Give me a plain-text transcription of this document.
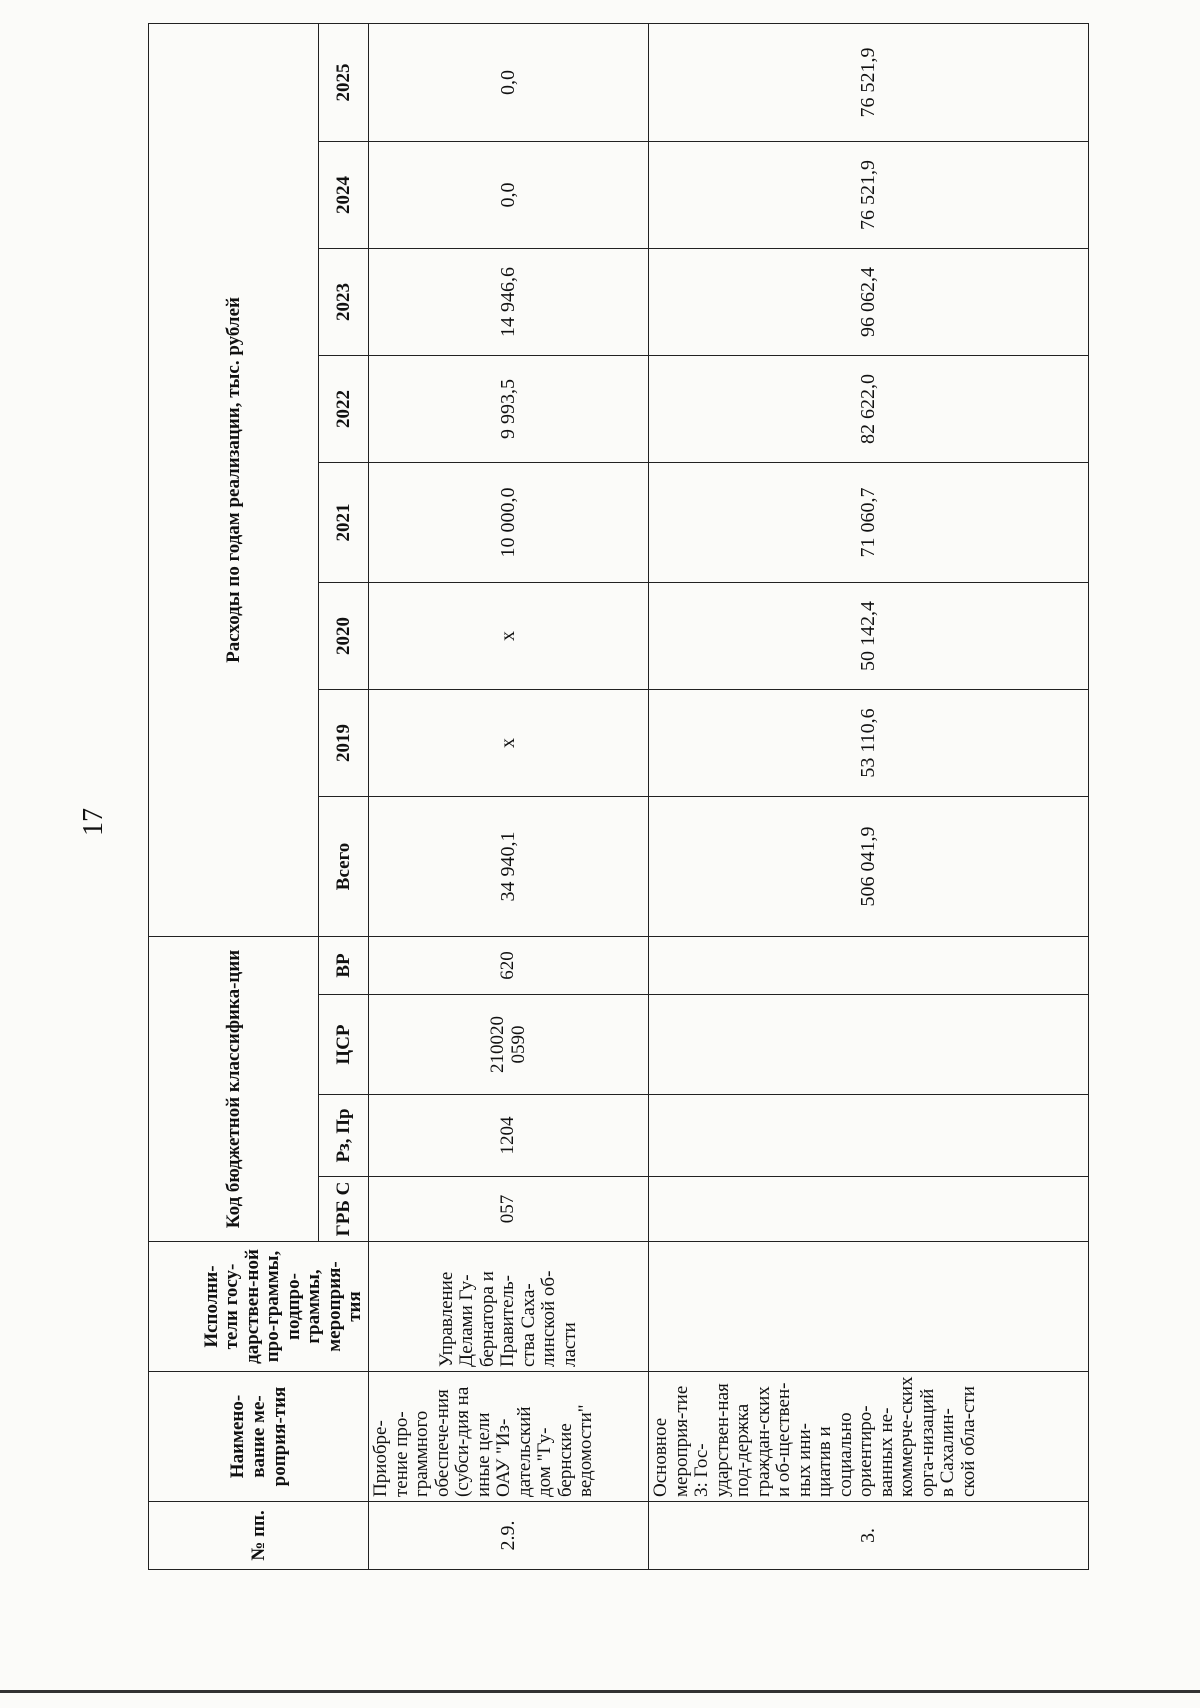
17
№ пп.	Наимено-вание ме-роприя-тия	Исполни-тели госу-дарствен-ной про-граммы, подпро-граммы, мероприя-тия	Код бюджетной классифика-ции				Расходы по годам реализации, тыс. рублей							
			ГРБ С	Рз, Пр	ЦСР	ВР	Всего	2019	2020	2021	2022	2023	2024	2025
2.9.	Приобре-тение про-граммного обеспече-ния (субси-дия на иные цели ОАУ "Из-дательский дом "Гу-бернские ведомости"	Управление Делами Гу-бернатора и Правитель-ства Саха-линской об-ласти	057	1204	210020 0590	620	34 940,1	x	x	10 000,0	9 993,5	14 946,6	0,0	0,0
3.	Основное мероприя-тие 3: Гос-ударствен-ная под-держка граждан-ских и об-ществен-ных ини-циатив и социально ориентиро-ванных не-коммерче-ских орга-низаций в Сахалин-ской обла-сти						506 041,9	53 110,6	50 142,4	71 060,7	82 622,0	96 062,4	76 521,9	76 521,9
